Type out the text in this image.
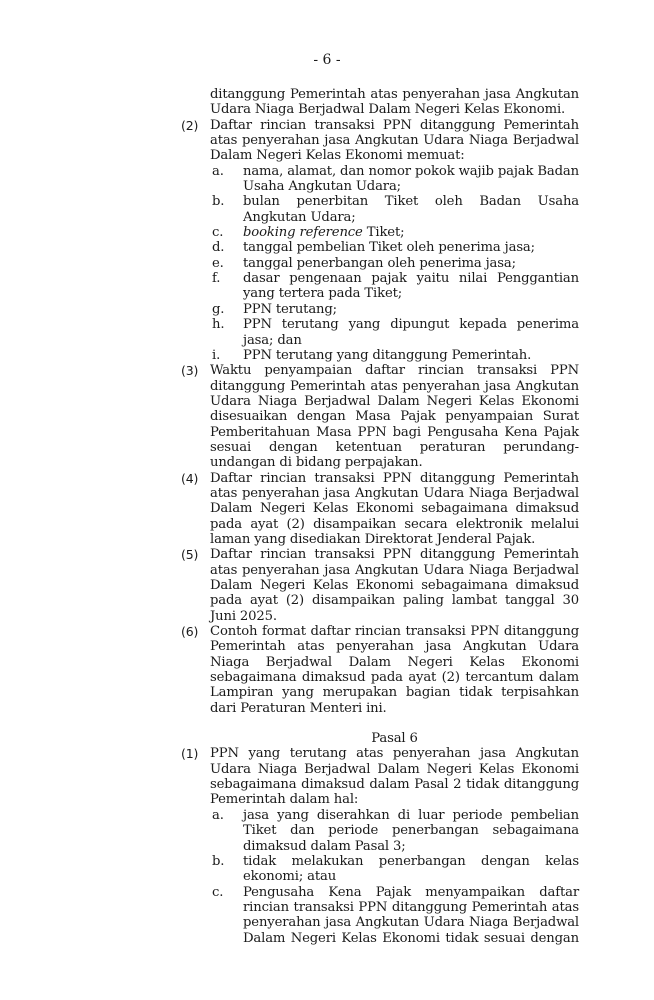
- 6 -
ditanggung Pemerintah atas penyerahan jasa Angkutan Udara Niaga Berjadwal Dalam Negeri Kelas Ekonomi.
(2) Daftar rincian transaksi PPN ditanggung Pemerintah atas penyerahan jasa Angkutan Udara Niaga Berjadwal Dalam Negeri Kelas Ekonomi memuat:
a. nama, alamat, dan nomor pokok wajib pajak Badan Usaha Angkutan Udara;
b. bulan penerbitan Tiket oleh Badan Usaha Angkutan Udara;
c. booking reference Tiket;
d. tanggal pembelian Tiket oleh penerima jasa;
e. tanggal penerbangan oleh penerima jasa;
f. dasar pengenaan pajak yaitu nilai Penggantian yang tertera pada Tiket;
g. PPN terutang;
h. PPN terutang yang dipungut kepada penerima jasa; dan
i. PPN terutang yang ditanggung Pemerintah.
(3) Waktu penyampaian daftar rincian transaksi PPN ditanggung Pemerintah atas penyerahan jasa Angkutan Udara Niaga Berjadwal Dalam Negeri Kelas Ekonomi disesuaikan dengan Masa Pajak penyampaian Surat Pemberitahuan Masa PPN bagi Pengusaha Kena Pajak sesuai dengan ketentuan peraturan perundang-undangan di bidang perpajakan.
(4) Daftar rincian transaksi PPN ditanggung Pemerintah atas penyerahan jasa Angkutan Udara Niaga Berjadwal Dalam Negeri Kelas Ekonomi sebagaimana dimaksud pada ayat (2) disampaikan secara elektronik melalui laman yang disediakan Direktorat Jenderal Pajak.
(5) Daftar rincian transaksi PPN ditanggung Pemerintah atas penyerahan jasa Angkutan Udara Niaga Berjadwal Dalam Negeri Kelas Ekonomi sebagaimana dimaksud pada ayat (2) disampaikan paling lambat tanggal 30 Juni 2025.
(6) Contoh format daftar rincian transaksi PPN ditanggung Pemerintah atas penyerahan jasa Angkutan Udara Niaga Berjadwal Dalam Negeri Kelas Ekonomi sebagaimana dimaksud pada ayat (2) tercantum dalam Lampiran yang merupakan bagian tidak terpisahkan dari Peraturan Menteri ini.
Pasal 6
(1) PPN yang terutang atas penyerahan jasa Angkutan Udara Niaga Berjadwal Dalam Negeri Kelas Ekonomi sebagaimana dimaksud dalam Pasal 2 tidak ditanggung Pemerintah dalam hal:
a. jasa yang diserahkan di luar periode pembelian Tiket dan periode penerbangan sebagaimana dimaksud dalam Pasal 3;
b. tidak melakukan penerbangan dengan kelas ekonomi; atau
c. Pengusaha Kena Pajak menyampaikan daftar rincian transaksi PPN ditanggung Pemerintah atas penyerahan jasa Angkutan Udara Niaga Berjadwal Dalam Negeri Kelas Ekonomi tidak sesuai dengan
